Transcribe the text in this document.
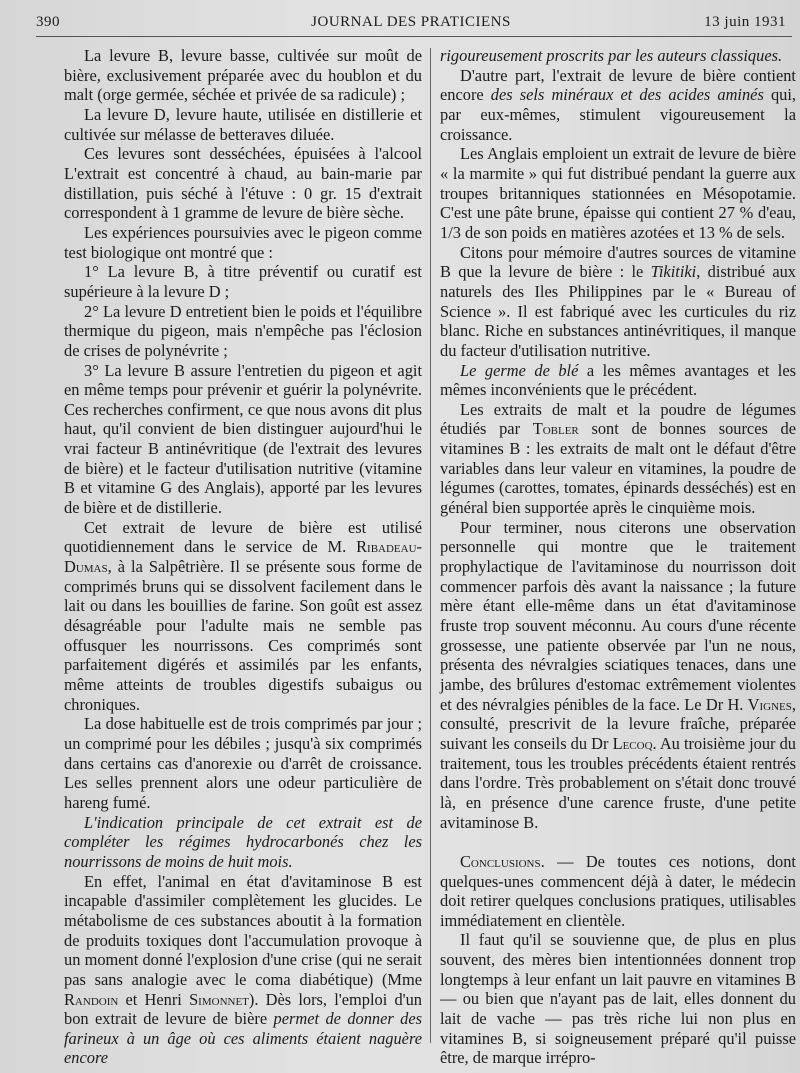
390	JOURNAL DES PRATICIENS	13 juin 1931

La levure B, levure basse, cultivée sur moût de bière, exclusivement préparée avec du houblon et du malt (orge germée, séchée et privée de sa radicule) ;

La levure D, levure haute, utilisée en distillerie et cultivée sur mélasse de betteraves diluée.

Ces levures sont desséchées, épuisées à l'alcool L'extrait est concentré à chaud, au bain-marie par distillation, puis séché à l'étuve : 0 gr. 15 d'extrait correspondent à 1 gramme de levure de bière sèche.

Les expériences poursuivies avec le pigeon comme test biologique ont montré que :

1° La levure B, à titre préventif ou curatif est supérieure à la levure D ;

2° La levure D entretient bien le poids et l'équilibre thermique du pigeon, mais n'empêche pas l'éclosion de crises de polynévrite ;

3° La levure B assure l'entretien du pigeon et agit en même temps pour prévenir et guérir la polynévrite. Ces recherches confirment, ce que nous avons dit plus haut, qu'il convient de bien distinguer aujourd'hui le vrai facteur B antinévritique (de l'extrait des levures de bière) et le facteur d'utilisation nutritive (vitamine B et vitamine G des Anglais), apporté par les levures de bière et de distillerie.

Cet extrait de levure de bière est utilisé quotidiennement dans le service de M. Ribadeau-Dumas, à la Salpêtrière. Il se présente sous forme de comprimés bruns qui se dissolvent facilement dans le lait ou dans les bouillies de farine. Son goût est assez désagréable pour l'adulte mais ne semble pas offusquer les nourrissons. Ces comprimés sont parfaitement digérés et assimilés par les enfants, même atteints de troubles digestifs subaigus ou chroniques.

La dose habituelle est de trois comprimés par jour ; un comprimé pour les débiles ; jusqu'à six comprimés dans certains cas d'anorexie ou d'arrêt de croissance. Les selles prennent alors une odeur particulière de hareng fumé.

L'indication principale de cet extrait est de compléter les régimes hydrocarbonés chez les nourrissons de moins de huit mois.

En effet, l'animal en état d'avitaminose B est incapable d'assimiler complètement les glucides. Le métabolisme de ces substances aboutit à la formation de produits toxiques dont l'accumulation provoque à un moment donné l'explosion d'une crise (qui ne serait pas sans analogie avec le coma diabétique) (Mme Randoin et Henri Simonnet). Dès lors, l'emploi d'un bon extrait de levure de bière permet de donner des farineux à un âge où ces aliments étaient naguère encore

rigoureusement proscrits par les auteurs classiques.

D'autre part, l'extrait de levure de bière contient encore des sels minéraux et des acides aminés qui, par eux-mêmes, stimulent vigoureusement la croissance.

Les Anglais emploient un extrait de levure de bière « la marmite » qui fut distribué pendant la guerre aux troupes britanniques stationnées en Mésopotamie. C'est une pâte brune, épaisse qui contient 27 % d'eau, 1/3 de son poids en matières azotées et 13 % de sels.

Citons pour mémoire d'autres sources de vitamine B que la levure de bière : le Tikitiki, distribué aux naturels des Iles Philippines par le « Bureau of Science ». Il est fabriqué avec les curticules du riz blanc. Riche en substances antinévritiques, il manque du facteur d'utilisation nutritive.

Le germe de blé a les mêmes avantages et les mêmes inconvénients que le précédent.

Les extraits de malt et la poudre de légumes étudiés par Tobler sont de bonnes sources de vitamines B : les extraits de malt ont le défaut d'être variables dans leur valeur en vitamines, la poudre de légumes (carottes, tomates, épinards desséchés) est en général bien supportée après le cinquième mois.

Pour terminer, nous citerons une observation personnelle qui montre que le traitement prophylactique de l'avitaminose du nourrisson doit commencer parfois dès avant la naissance ; la future mère étant elle-même dans un état d'avitaminose fruste trop souvent méconnu. Au cours d'une récente grossesse, une patiente observée par l'un ne nous, présenta des névralgies sciatiques tenaces, dans une jambe, des brûlures d'estomac extrêmement violentes et des névralgies pénibles de la face. Le Dr H. Vignes, consulté, prescrivit de la levure fraîche, préparée suivant les conseils du Dr Lecoq. Au troisième jour du traitement, tous les troubles précédents étaient rentrés dans l'ordre. Très probablement on s'était donc trouvé là, en présence d'une carence fruste, d'une petite avitaminose B.

Conclusions. — De toutes ces notions, dont quelques-unes commencent déjà à dater, le médecin doit retirer quelques conclusions pratiques, utilisables immédiatement en clientèle.

Il faut qu'il se souvienne que, de plus en plus souvent, des mères bien intentionnées donnent trop longtemps à leur enfant un lait pauvre en vitamines B — ou bien que n'ayant pas de lait, elles donnent du lait de vache — pas très riche lui non plus en vitamines B, si soigneusement préparé qu'il puisse être, de marque irrépro-
